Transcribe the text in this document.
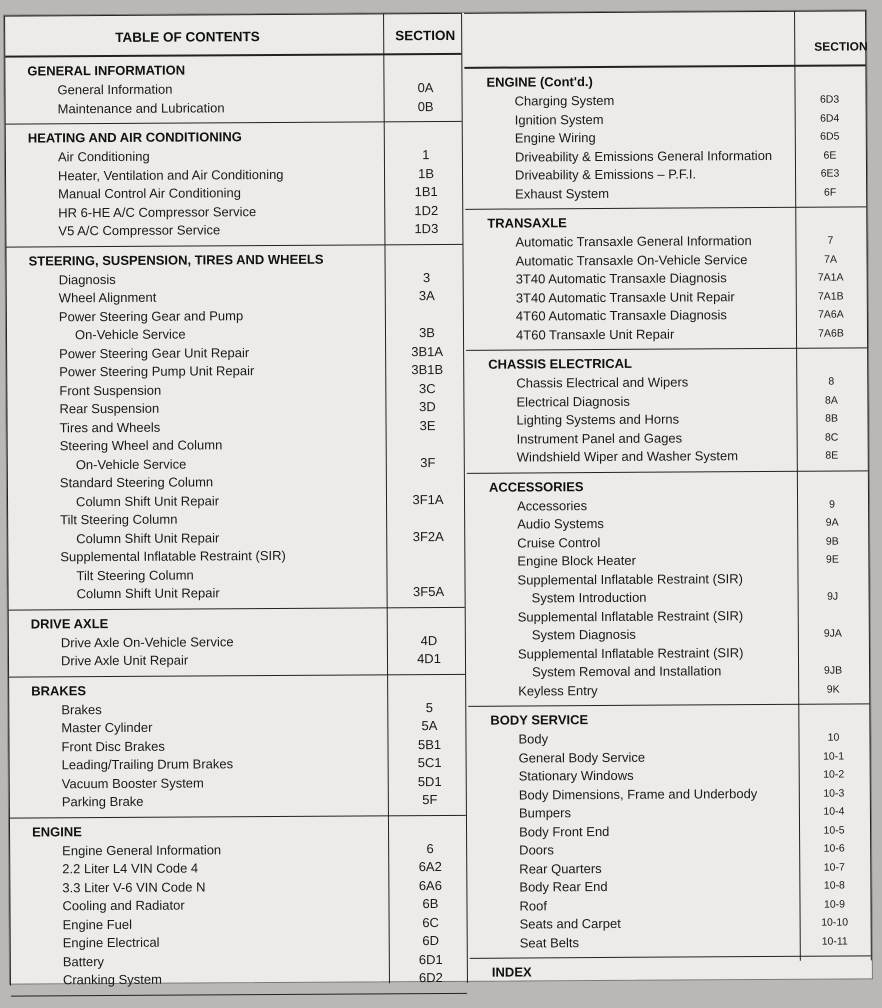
TABLE OF CONTENTS	SECTION
GENERAL INFORMATION
General Information	0A
Maintenance and Lubrication	0B
HEATING AND AIR CONDITIONING
Air Conditioning	1
Heater, Ventilation and Air Conditioning	1B
Manual Control Air Conditioning	1B1
HR 6-HE A/C Compressor Service	1D2
V5 A/C Compressor Service	1D3
STEERING, SUSPENSION, TIRES AND WHEELS
Diagnosis	3
Wheel Alignment	3A
Power Steering Gear and Pump
On-Vehicle Service	3B
Power Steering Gear Unit Repair	3B1A
Power Steering Pump Unit Repair	3B1B
Front Suspension	3C
Rear Suspension	3D
Tires and Wheels	3E
Steering Wheel and Column
On-Vehicle Service	3F
Standard Steering Column
Column Shift Unit Repair	3F1A
Tilt Steering Column
Column Shift Unit Repair	3F2A
Supplemental Inflatable Restraint (SIR)
Tilt Steering Column
Column Shift Unit Repair	3F5A
DRIVE AXLE
Drive Axle On-Vehicle Service	4D
Drive Axle Unit Repair	4D1
BRAKES
Brakes	5
Master Cylinder	5A
Front Disc Brakes	5B1
Leading/Trailing Drum Brakes	5C1
Vacuum Booster System	5D1
Parking Brake	5F
ENGINE
Engine General Information	6
2.2 Liter L4 VIN Code 4	6A2
3.3 Liter V-6 VIN Code N	6A6
Cooling and Radiator	6B
Engine Fuel	6C
Engine Electrical	6D
Battery	6D1
Cranking System	6D2
SECTION
ENGINE (Cont'd.)
Charging System	6D3
Ignition System	6D4
Engine Wiring	6D5
Driveability & Emissions General Information	6E
Driveability & Emissions – P.F.I.	6E3
Exhaust System	6F
TRANSAXLE
Automatic Transaxle General Information	7
Automatic Transaxle On-Vehicle Service	7A
3T40 Automatic Transaxle Diagnosis	7A1A
3T40 Automatic Transaxle Unit Repair	7A1B
4T60 Automatic Transaxle Diagnosis	7A6A
4T60 Transaxle Unit Repair	7A6B
CHASSIS ELECTRICAL
Chassis Electrical and Wipers	8
Electrical Diagnosis	8A
Lighting Systems and Horns	8B
Instrument Panel and Gages	8C
Windshield Wiper and Washer System	8E
ACCESSORIES
Accessories	9
Audio Systems	9A
Cruise Control	9B
Engine Block Heater	9E
Supplemental Inflatable Restraint (SIR)
System Introduction	9J
Supplemental Inflatable Restraint (SIR)
System Diagnosis	9JA
Supplemental Inflatable Restraint (SIR)
System Removal and Installation	9JB
Keyless Entry	9K
BODY SERVICE
Body	10
General Body Service	10-1
Stationary Windows	10-2
Body Dimensions, Frame and Underbody	10-3
Bumpers	10-4
Body Front End	10-5
Doors	10-6
Rear Quarters	10-7
Body Rear End	10-8
Roof	10-9
Seats and Carpet	10-10
Seat Belts	10-11
INDEX
